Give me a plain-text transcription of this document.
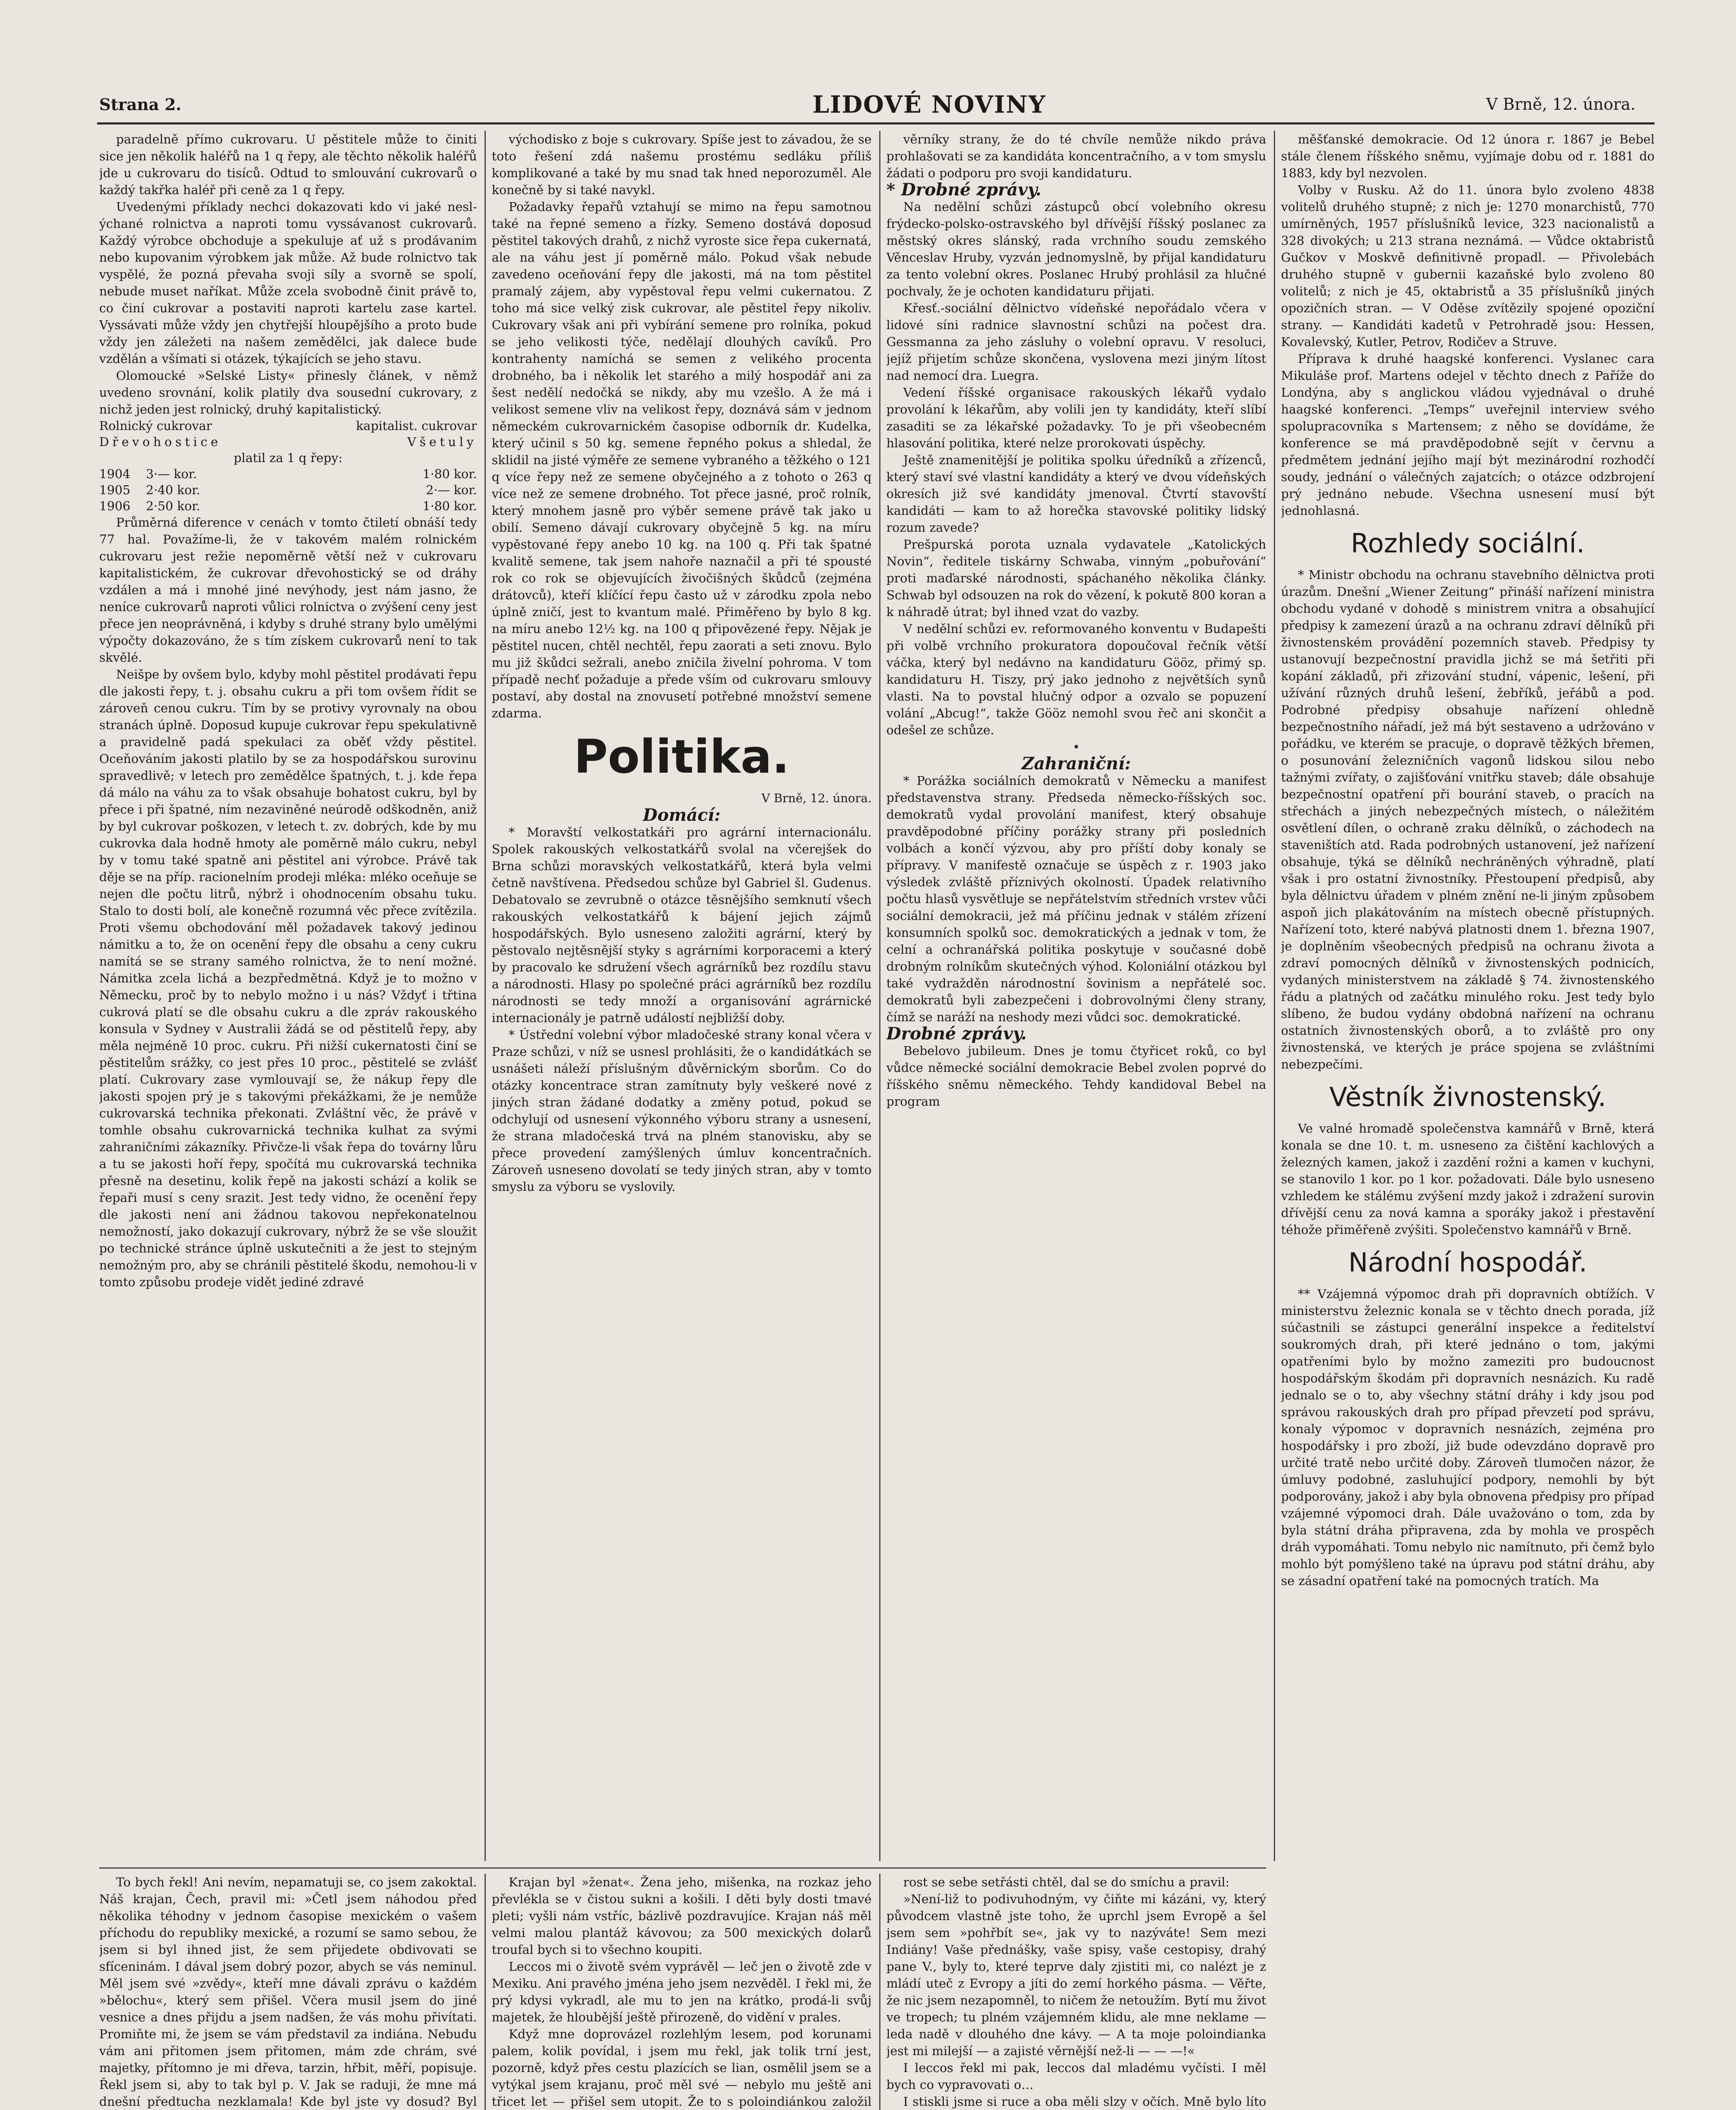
Strana 2.	LIDOVÉ NOVINY	V Brně, 12. února.

paradelně přímo cukrovaru. U pěstitele může to činiti sice jen několik haléřů na 1 q řepy, ale těchto několik haléřů jde u cukrovaru do tisíců. Odtud to smlouvání cukrovarů o každý takřka haléř při ceně za 1 q řepy.

Uvedenými příklady nechci dokazovati kdo vi jaké neslýchané rolnictva a naproti tomu vyssávanost cukrovarů. Každý výrobce obchoduje a spekuluje ať už s prodávanim nebo kupovanim výrobkem jak může. Až bude rolnictvo tak vyspělé, že pozná převaha svoji síly a svorně se spolí, nebude muset naříkat. Může zcela svobodně činit právě to, co činí cukrovar a postaviti naproti kartelu zase kartel. Vyssávati může vždy jen chytřejší hloupějšího a proto bude vždy jen záležeti na našem zemědělci, jak dalece bude vzdělán a všímati si otázek, týkajících se jeho stavu.

Olomoucké »Selské Listy« přinesly článek, v němž uvedeno srovnání, kolik platily dva sousední cukrovary, z nichž jeden jest rolnický, druhý kapitalistický.

Rolnický cukrovar	kapitalist. cukrovar
Dřevohostice	Všetuly
platil za 1 q řepy:	
1904 3·— kor.	1·80 kor.
1905 2·40 kor.	2·— kor.
1906 2·50 kor.	1·80 kor.

Průměrná diference v cenách v tomto čtiletí obnáší tedy 77 hal. Považíme-li, že v takovém malém rolnickém cukrovaru jest režie nepoměrně větší než v cukrovaru kapitalistickém, že cukrovar dřevohostický se od dráhy vzdálen a má i mnohé jiné nevýhody, jest nám jasno, že neníce cukrovarů naproti vůlici rolnictva o zvýšení ceny jest přece jen neoprávněná, i kdyby s druhé strany bylo umělými výpočty dokazováno, že s tím získem cukrovarů není to tak skvělé.

Neišpe by ovšem bylo, kdyby mohl pěstitel prodávati řepu dle jakosti řepy, t. j. obsahu cukru a při tom ovšem řídit se zároveň cenou cukru. Tím by se protivy vyrovnaly na obou stranách úplně. Doposud kupuje cukrovar řepu spekulativně a pravidelně padá spekulaci za oběť vždy pěstitel. Oceňováním jakosti platilo by se za hospodářskou surovinu spravedlivě; v letech pro zemědělce špatných, t. j. kde řepa dá málo na váhu za to však obsahuje bohatost cukru, byl by přece i při špatné, ním nezaviněné neúrodě odškodněn, aniž by byl cukrovar poškozen, v letech t. zv. dobrých, kde by mu cukrovka dala hodně hmoty ale poměrně málo cukru, nebyl by v tomu také spatně ani pěstitel ani výrobce. Právě tak děje se na příp. racionelním prodeji mléka: mléko oceňuje se nejen dle počtu litrů, nýbrž i ohodnocením obsahu tuku. Stalo to dosti bolí, ale konečně rozumná věc přece zvítězila. Proti všemu obchodování měl požadavek takový jedinou námitku a to, že on ocenění řepy dle obsahu a ceny cukru namítá se se strany samého rolnictva, že to není možné. Námitka zcela lichá a bezpředmětná. Když je to možno v Německu, proč by to nebylo možno i u nás? Vždyť i třtina cukrová platí se dle obsahu cukru a dle zpráv rakouského konsula v Sydney v Australii žádá se od pěstitelů řepy, aby měla nejméně 10 proc. cukru. Při nižší cukernatosti činí se pěstitelům srážky, co jest přes 10 proc., pěstitelé se zvlášť platí. Cukrovary zase vymlouvají se, že nákup řepy dle jakosti spojen prý je s takovými překážkami, že je nemůže cukrovarská technika překonati. Zvláštní věc, že právě v tomhle obsahu cukrovarnická technika kulhat za svými zahraničními zákazníky. Přivčze-li však řepa do továrny lůru a tu se jakosti hoří řepy, spočítá mu cukrovarská technika přesně na desetinu, kolik řepě na jakosti schází a kolik se řepaři musí s ceny srazit. Jest tedy vidno, že ocenění řepy dle jakosti není ani žádnou takovou nepřekonatelnou nemožností, jako dokazují cukrovary, nýbrž že se vše sloužit po technické stránce úplně uskutečniti a že jest to stejným nemožným pro, aby se chránili pěstitelé škodu, nemohou-li v tomto způsobu prodeje vidět jediné zdravé

východisko z boje s cukrovary. Spíše jest to závadou, že se toto řešení zdá našemu prostému sedláku příliš komplikované a také by mu snad tak hned neporozuměl. Ale konečně by si také navykl.

Požadavky řepařů vztahují se mimo na řepu samotnou také na řepné semeno a řízky. Semeno dostává doposud pěstitel takových drahů, z nichž vyroste sice řepa cukernatá, ale na váhu jest jí poměrně málo. Pokud však nebude zavedeno oceňování řepy dle jakosti, má na tom pěstitel pramalý zájem, aby vypěstoval řepu velmi cukernatou. Z toho má sice velký zisk cukrovar, ale pěstitel řepy nikoliv. Cukrovary však ani při vybírání semene pro rolníka, pokud se jeho velikosti týče, nedělají dlouhých cavíků. Pro kontrahenty namíchá se semen z velikého procenta drobného, ba i několik let starého a milý hospodář ani za šest nedělí nedočká se nikdy, aby mu vzešlo. A že má i velikost semene vliv na velikost řepy, doznává sám v jednom německém cukrovarnickém časopise odborník dr. Kudelka, který učinil s 50 kg. semene řepného pokus a shledal, že sklidil na jisté výměře ze semene vybraného a těžkého o 121 q více řepy než ze semene obyčejného a z tohoto o 263 q více než ze semene drobného. Tot přece jasné, proč rolník, který mnohem jasně pro výběr semene právě tak jako u obilí. Semeno dávají cukrovary obyčejně 5 kg. na míru vypěstované řepy anebo 10 kg. na 100 q. Při tak špatné kvalitě semene, tak jsem nahoře naznačil a při té spousté rok co rok se objevujících živočišných škůdců (zejména drátovců), kteří klíčící řepu často už v zárodku zpola nebo úplně zničí, jest to kvantum malé. Přiměřeno by bylo 8 kg. na míru anebo 12½ kg. na 100 q připovězené řepy. Nějak je pěstitel nucen, chtěl nechtěl, řepu zaorati a seti znovu. Bylo mu již škůdci sežrali, anebo zničila živelní pohroma. V tom případě nechť požaduje a přede vším od cukrovaru smlouvy postaví, aby dostal na znovusetí potřebné množství semene zdarma.

Politika.

V Brně, 12. února.

Domácí:

* Moravští velkostatkáři pro agrární internacionálu. Spolek rakouských velkostatkářů svolal na včerejšek do Brna schůzi moravských velkostatkářů, která byla velmi četně navštívena. Předsedou schůze byl Gabriel šl. Gudenus. Debatovalo se zevrubně o otázce těsnějšího semknutí všech rakouských velkostatkářů k bájení jejich zájmů hospodářských. Bylo usneseno založiti agrární, který by pěstovalo nejtěsnější styky s agrárními korporacemi a který by pracovalo ke sdružení všech agrárníků bez rozdílu stavu a národnosti. Hlasy po společné práci agrárníků bez rozdílu národnosti se tedy množí a organisování agrárnické internacionály je patrně událostí nejbližší doby.

* Ústřední volební výbor mladočeské strany konal včera v Praze schůzi, v níž se usnesl prohlásiti, že o kandidátkách se usnášeti náleží příslušným důvěrnickým sborům. Co do otázky koncentrace stran zamítnuty byly veškeré nové z jiných stran žádané dodatky a změny potud, pokud se odchylují od usnesení výkonného výboru strany a usnesení, že strana mladočeská trvá na plném stanovisku, aby se přece provedení zamýšlených úmluv koncentračních. Zároveň usneseno dovolatí se tedy jiných stran, aby v tomto smyslu za výboru se vyslovily.

věrníky strany, že do té chvíle nemůže nikdo práva prohlašovati se za kandidáta koncentračního, a v tom smyslu žádati o podporu pro svoji kandidaturu.

* Drobné zprávy.

Na nedělní schůzi zástupců obcí volebního okresu frýdecko-polsko-ostravského byl dřívější říšský poslanec za městský okres slánský, rada vrchního soudu zemského Věnceslav Hruby, vyzván jednomyslně, by přijal kandidaturu za tento volební okres. Poslanec Hrubý prohlásil za hlučné pochvaly, že je ochoten kandidaturu přijati.

Křesť.-sociální dělnictvo vídeňské nepořádalo včera v lidové síni radnice slavnostní schůzi na počest dra. Gessmanna za jeho zásluhy o volební opravu. V resoluci, jejíž přijetím schůze skončena, vyslovena mezi jiným lítost nad nemocí dra. Luegra.

Vedení říšské organisace rakouských lékařů vydalo provolání k lékařům, aby volili jen ty kandidáty, kteří slíbí zasaditi se za lékařské požadavky. To je při všeobecném hlasování politika, které nelze prorokovati úspěchy.

Ještě znamenitější je politika spolku úředníků a zřízenců, který staví své vlastní kandidáty a který ve dvou vídeňských okresích již své kandidáty jmenoval. Čtvrtí stavovští kandidáti — kam to až horečka stavovské politiky lidský rozum zavede?

Prešpurská porota uznala vydavatele „Katolických Novin“, ředitele tiskárny Schwaba, vinným „pobuřování“ proti maďarské národnosti, spáchaného několika články. Schwab byl odsouzen na rok do vězení, k pokutě 800 koran a k náhradě útrat; byl ihned vzat do vazby.

V nedělní schůzi ev. reformovaného konventu v Budapešti při volbě vrchního prokuratora dopoučoval řečník větší váčka, který byl nedávno na kandidaturu Gööz, přimý sp. kandidaturu H. Tiszy, prý jako jednoho z největších synů vlasti. Na to povstal hlučný odpor a ozvalo se popuzení volání „Abcug!“, takže Gööz nemohl svou řeč ani skončit a odešel ze schůze.

•

Zahraniční:

* Porážka sociálních demokratů v Německu a manifest představenstva strany. Předseda německo-říšských soc. demokratů vydal provolání manifest, který obsahuje pravděpodobné příčiny porážky strany při posledních volbách a končí výzvou, aby pro příští doby konaly se přípravy. V manifestě označuje se úspěch z r. 1903 jako výsledek zvláště příznivých okolností. Úpadek relativního počtu hlasů vysvětluje se nepřátelstvím středních vrstev vůči sociální demokracii, jež má příčinu jednak v stálém zřízení konsumních spolků soc. demokratických a jednak v tom, že celní a ochranářská politika poskytuje v současné době drobným rolníkům skutečných výhod. Koloniální otázkou byl také vydražděn národnostní šovinism a nepřátelé soc. demokratů byli zabezpečeni i dobrovolnými členy strany, čímž se naráží na neshody mezi vůdci soc. demokratické.

Drobné zprávy.

Bebelovo jubileum. Dnes je tomu čtyřicet roků, co byl vůdce německé sociální demokracie Bebel zvolen poprvé do říšského sněmu německého. Tehdy kandidoval Bebel na program

měšťanské demokracie. Od 12 února r. 1867 je Bebel stále členem říšského sněmu, vyjímaje dobu od r. 1881 do 1883, kdy byl nezvolen.

Volby v Rusku. Až do 11. února bylo zvoleno 4838 volitelů druhého stupně; z nich je: 1270 monarchistů, 770 umírněných, 1957 příslušníků levice, 323 nacionalistů a 328 divokých; u 213 strana neznámá. — Vůdce oktabristů Gučkov v Moskvě definitivně propadl. — Přivolebách druhého stupně v gubernii kazaňské bylo zvoleno 80 volitelů; z nich je 45, oktabristů a 35 příslušníků jiných opozičních stran. — V Oděse zvítězily spojené opoziční strany. — Kandidáti kadetů v Petrohradě jsou: Hessen, Kovalevský, Kutler, Petrov, Rodičev a Struve.

Příprava k druhé haagské konferenci. Vyslanec cara Mikuláše prof. Martens odejel v těchto dnech z Paříže do Londýna, aby s anglickou vládou vyjednával o druhé haagské konferenci. „Temps“ uveřejnil interview svého spolupracovníka s Martensem; z něho se dovídáme, že konference se má pravděpodobně sejít v červnu a předmětem jednání jejího mají být mezinárodní rozhodčí soudy, jednání o válečných zajatcích; o otázce odzbrojení prý jednáno nebude. Všechna usnesení musí být jednohlasná.

Rozhledy sociální.

* Ministr obchodu na ochranu stavebního dělnictva proti úrazům. Dnešní „Wiener Zeitung“ přináší nařízení ministra obchodu vydané v dohodě s ministrem vnitra a obsahující předpisy k zamezení úrazů a na ochranu zdraví dělníků při živnostenském provádění pozemních staveb. Předpisy ty ustanovují bezpečnostní pravidla jichž se má šetřiti při kopání základů, při zřizování studní, vápenic, lešení, při užívání různých druhů lešení, žebříků, jeřábů a pod. Podrobné předpisy obsahuje nařízení ohledně bezpečnostního nářadí, jež má být sestaveno a udržováno v pořádku, ve kterém se pracuje, o dopravě těžkých břemen, o posunování železničních vagonů lidskou silou nebo tažnými zvířaty, o zajišťování vnitřku staveb; dále obsahuje bezpečnostní opatření při bourání staveb, o pracích na střechách a jiných nebezpečných místech, o náležitém osvětlení dílen, o ochraně zraku dělníků, o záchodech na staveništích atd. Rada podrobných ustanovení, jež nařízení obsahuje, týká se dělníků nechráněných výhradně, platí však i pro ostatní živnostníky. Přestoupení předpisů, aby byla dělnictvu úřadem v plném znění ne-li jiným způsobem aspoň jich plakátováním na místech obecně přístupných. Nařízení toto, které nabývá platnosti dnem 1. března 1907, je doplněním všeobecných předpisů na ochranu života a zdraví pomocných dělníků v živnostenských podnicích, vydaných ministerstvem na základě § 74. živnostenského řádu a platných od začátku minulého roku. Jest tedy bylo slíbeno, že budou vydány obdobná nařízení na ochranu ostatních živnostenských oborů, a to zvláště pro ony živnostenská, ve kterých je práce spojena se zvláštními nebezpečími.

Věstník živnostenský.

Ve valné hromadě společenstva kamnářů v Brně, která konala se dne 10. t. m. usneseno za čištění kachlových a železných kamen, jakož i zazdění rožni a kamen v kuchyni, se stanovilo 1 kor. po 1 kor. požadovati. Dále bylo usneseno vzhledem ke stálému zvýšení mzdy jakož i zdražení surovin dřívější cenu za nová kamna a sporáky jakož i přestavění téhože přiměřeně zvýšiti. Společenstvo kamnářů v Brně.

Národní hospodář.

** Vzájemná výpomoc drah při dopravních obtížích. V ministerstvu železnic konala se v těchto dnech porada, jíž súčastnili se zástupci generální inspekce a ředitelství soukromých drah, při které jednáno o tom, jakými opatřeními bylo by možno zameziti pro budoucnost hospodářským škodám při dopravních nesnázích. Ku radě jednalo se o to, aby všechny státní dráhy i kdy jsou pod správou rakouských drah pro případ převzetí pod správu, konaly výpomoc v dopravních nesnázích, zejména pro hospodářsky i pro zboží, již bude odevzdáno dopravě pro určité tratě nebo určité doby. Zároveň tlumočen názor, že úmluvy podobné, zasluhující podpory, nemohli by být podporovány, jakož i aby byla obnovena předpisy pro případ vzájemné výpomoci drah. Dále uvažováno o tom, zda by byla státní dráha připravena, zda by mohla ve prospěch dráh vypomáhati. Tomu nebylo nic namítnuto, při čemž bylo mohlo být pomýšleno také na úpravu pod státní dráhu, aby se zásadní opatření také na pomocných tratích. Ma

To bych řekl! Ani nevím, nepamatuji se, co jsem zakoktal. Náš krajan, Čech, pravil mi: »Četl jsem náhodou před několika téhodny v jednom časopise mexickém o vašem příchodu do republiky mexické, a rozumí se samo sebou, že jsem si byl ihned jist, že sem přijedete obdivovati se sfíceninám. I dával jsem dobrý pozor, abych se vás neminul. Měl jsem své »zvědy«, kteří mne dávali zprávu o každém »bělochu«, který sem přišel. Včera musil jsem do jiné vesnice a dnes přijdu a jsem nadšen, že vás mohu přivítati. Promiňte mi, že jsem se vám představil za indiána. Nebudu vám ani přitomen jsem přitomen, mám zde chrám, své majetky, přítomno je mi dřeva, tarzin, hřbit, měří, popisuje. Řekl jsem si, aby to tak byl p. V. Jak se raduji, že mne má dnešní předtucha nezklamala! Kde byl jste vy dosud? Byl

Krajan byl »ženat«. Žena jeho, mišenka, na rozkaz jeho převlékla se v čistou sukni a košili. I děti byly dosti tmavé pleti; vyšli nám vstříc, bázlivě pozdravujíce. Krajan náš měl velmi malou plantáž kávovou; za 500 mexických dolarů troufal bych si to všechno koupiti.

Leccos mi o životě svém vyprávěl — leč jen o životě zde v Mexiku. Ani pravého jména jeho jsem nezvěděl. I řekl mi, že prý kdysi vykradl, ale mu to jen na krátko, prodá-li svůj majetek, že hloubější ještě přirozeně, do vidění v prales.

Když mne doprovázel rozlehlým lesem, pod korunami palem, kolik povídal, i jsem mu řekl, jak tolik trní jest, pozorně, když přes cestu plazících se lian, osmělil jsem se a vytýkal jsem krajanu, proč měl své — nebylo mu ještě ani třicet let — přišel sem utopit. Že to s poloindiánkou založil

rost se sebe setřásti chtěl, dal se do smíchu a pravil:

»Není-liž to podivuhodným, vy čiňte mi kázáni, vy, který původcem vlastně jste toho, že uprchl jsem Evropě a šel jsem sem »pohřbít se«, jak vy to nazýváte! Sem mezi Indiány! Vaše přednášky, vaše spisy, vaše cestopisy, drahý pane V., byly to, které teprve daly zjistiti mi, co nalézt je z mládí uteč z Evropy a jíti do zemí horkého pásma. — Věřte, že nic jsem nezapomněl, to ničem že netoužím. Bytí mu život ve tropech; tu plném vzájemném klidu, ale mne neklame — leda nadě v dlouhého dne kávy. — A ta moje poloindianka jest mi milejší — a zajisté věrnější než-li — — —!«

I leccos řekl mi pak, leccos dal mladému vyčísti. I měl bych co vypravovati o…

I stiskli jsme si ruce a oba měli slzy v očích. Mně bylo líto
